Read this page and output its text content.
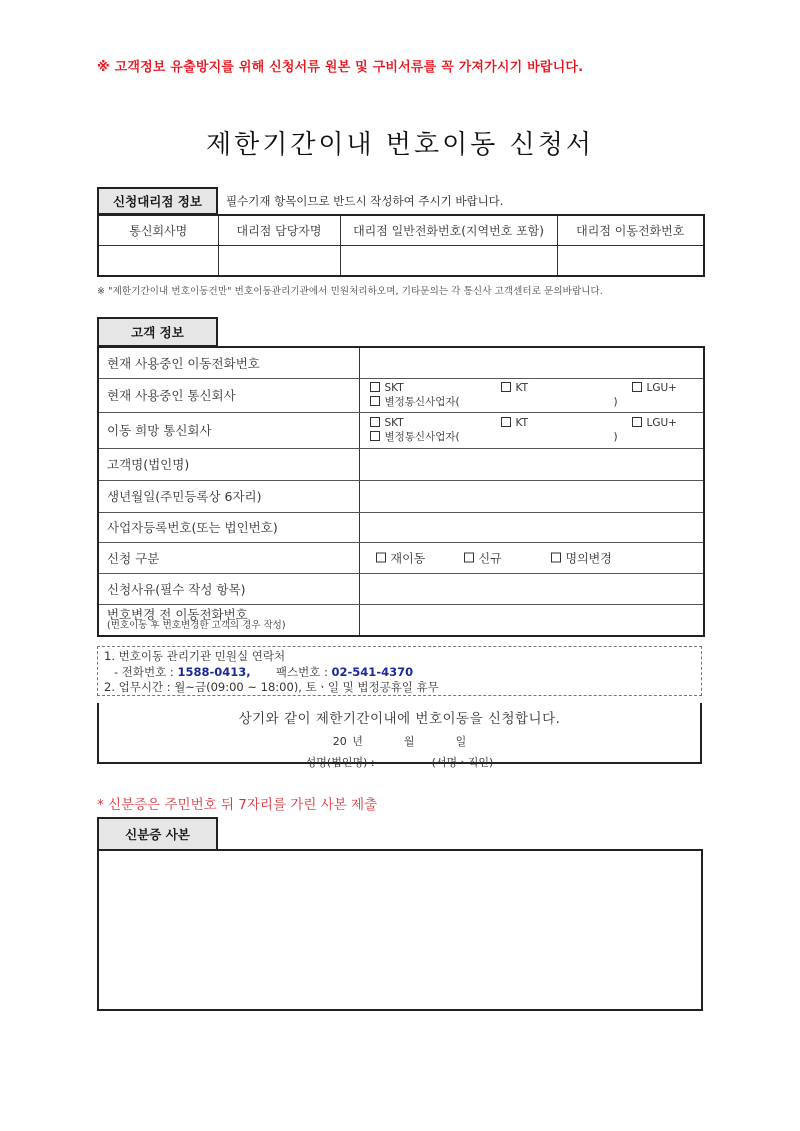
※ 고객정보 유출방지를 위해 신청서류 원본 및 구비서류를 꼭 가져가시기 바랍니다.
제한기간이내 번호이동 신청서
신청대리점 정보 필수기재 항목이므로 반드시 작성하여 주시기 바랍니다.
통신회사명	대리점 담당자명	대리점 일반전화번호(지역번호 포함)	대리점 이동전화번호

※ "제한기간이내 번호이동건만" 번호이동관리기관에서 민원처리하오며, 기타문의는 각 통신사 고객센터로 문의바랍니다.
고객 정보
현재 사용중인 이동전화번호	
현재 사용중인 통신회사	SKT KT LGU+
별정통신사업자( )

이동 희망 통신회사	SKT KT LGU+
별정통신사업자( )

고객명(법인명)	
생년월일(주민등록상 6자리)	
사업자등록번호(또는 법인번호)	
신청 구분	재이동 신규 명의변경

신청사유(필수 작성 항목)	

번호변경 전 이동전화번호
(번호이동 후 번호변경한 고객의 경우 작성)	

1. 번호이동 관리기관 민원실 연락처
- 전화번호 : 1588-0413, 팩스번호 : 02-541-4370
2. 업무시간 : 월~금(09:00 ~ 18:00), 토ㆍ일 및 법정공휴일 휴무
상기와 같이 제한기간이내에 번호이동을 신청합니다.
20 년	월	일
성명(법인명) :	(서명ㆍ직인)
* 신분증은 주민번호 뒤 7자리를 가린 사본 제출
신분증 사본
